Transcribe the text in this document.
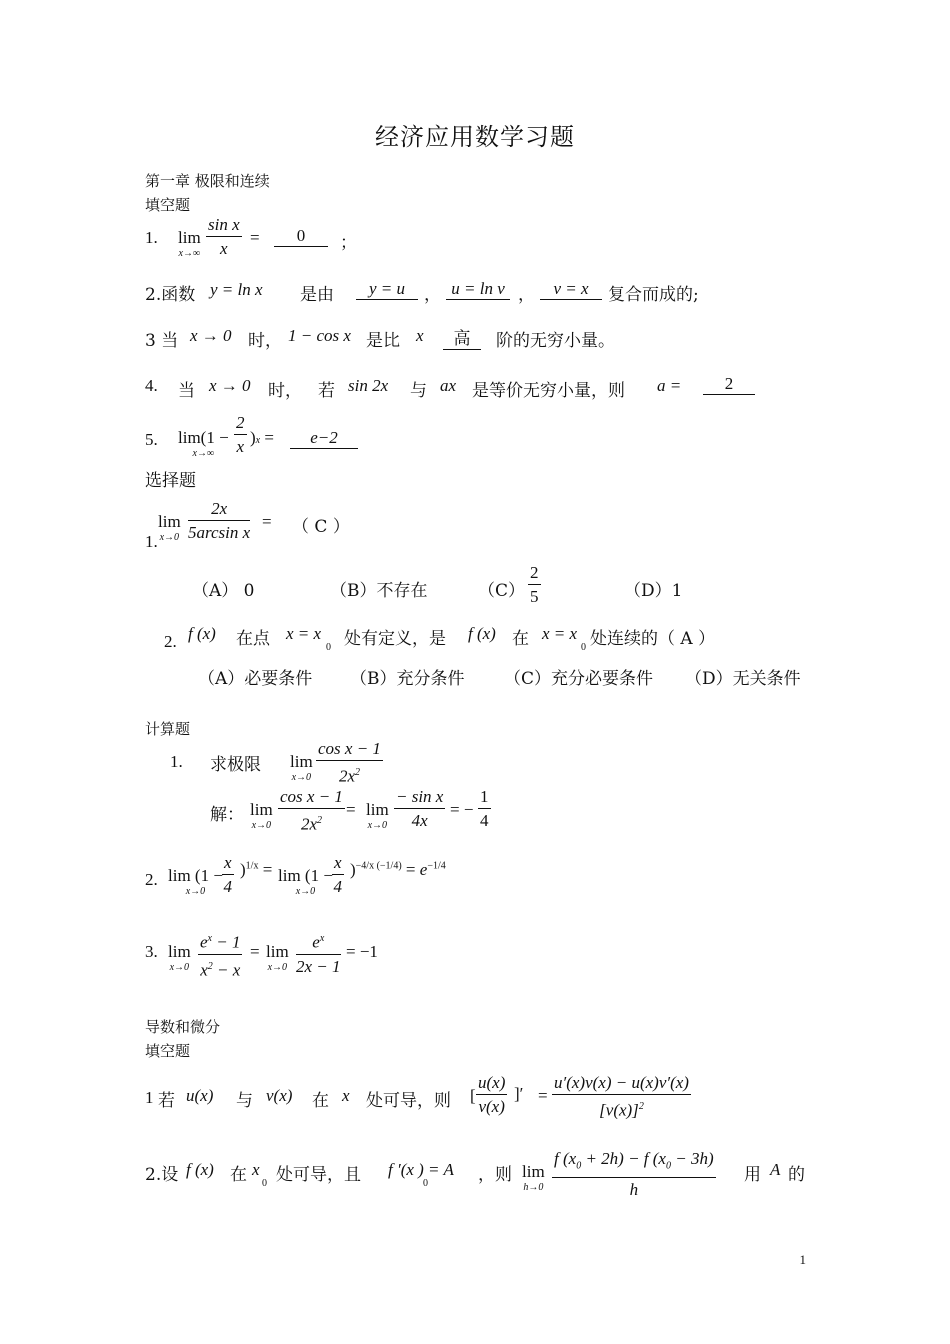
经济应用数学习题
第一章 极限和连续
填空题
1. lim
$x\to\infty \frac{\text{sin x}}{x}$ =	0	；
2.函数 y = ln x 是由	y = u	， u = ln v ，	v = x	复合而成的;
3 当 x → 0 时， 1 − cos x 是比 x	高	阶的无穷小量。
4. 当 x → 0 时， 若 sin 2x 与 ax 是等价无穷小量，则 a =	2
5. lim(1 −
x→∞	$\frac{2}{x} )x$ =	e−2
选择题
lim
x→0
1. $\frac{2x}{\text{5arcsin x}}$ = （ C ）
（A） 0	（B）不存在	$(C) \frac{2}{5}$	（D）1
2. f (x) 在点 x = x
0 处有定义，是 f (x) 在 x = x
0 处连续的（ A ）
（A）必要条件 （B）充分条件 （C）充分必要条件 （D）无关条件
计算题
1. 求极限 lim
$x\to 0 \frac{\text{cos x − 1}}{2x^2}$
解： lim
$x\to 0 \frac{\text{cos x − 1}}{2x^2} = \lim$
$x\to 0 \frac{\text{− sin x}}{4x}$ = − $\frac{1}{4}$
2. lim (1 −
$x\to 0 \frac{x}{4} )^{1/x} = \lim (1$ −
$x\to 0 \frac{x}{4} )^{-4/x (-1/4)} = e^{-1/4}$
3. lim
$x\to 0 \frac{e^x - 1}{x^2 - x} = \lim$
$x\to 0 \frac{e^x}{2x - 1} = -1$
导数和微分
填空题
1 若 u(x) 与 v(x) 在 x 处可导，则 [ $\frac{u(x)}{v(x)}$ ]′ = $\frac{u'(x)v(x) - u(x)v'(x)}{[v(x)]^2}$
2.设 f (x) 在 x
0 处可导，且 f ′(x ) = A
0	，则 lim
$h\to 0 \frac{f (x_0 + 2h) - f (x_0 - 3h)}{h}$ 用 A 的
1
